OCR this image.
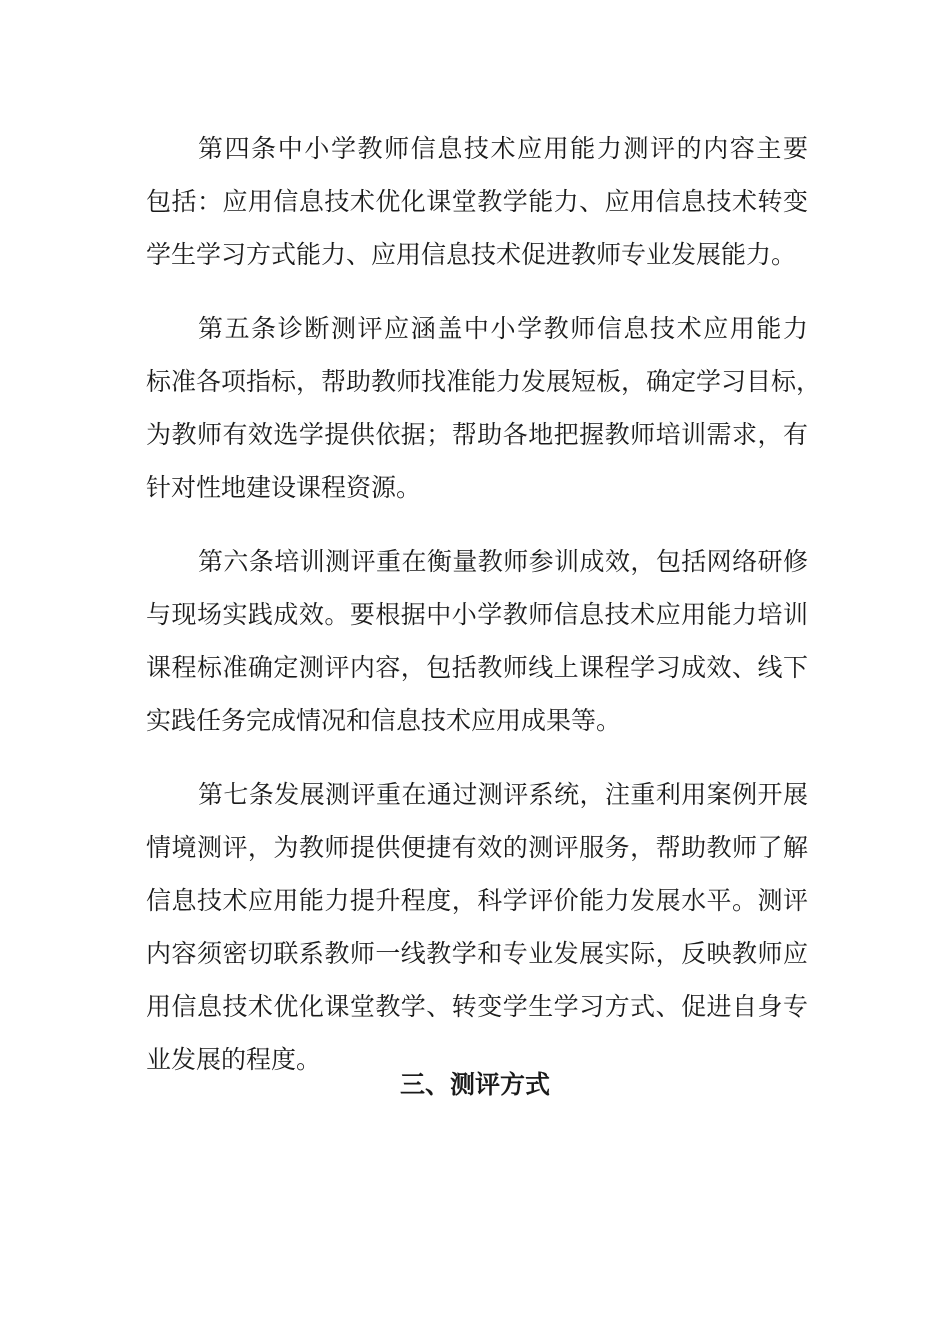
第四条中小学教师信息技术应用能力测评的内容主要
包括：应用信息技术优化课堂教学能力、应用信息技术转变
学生学习方式能力、应用信息技术促进教师专业发展能力。
第五条诊断测评应涵盖中小学教师信息技术应用能力
标准各项指标，帮助教师找准能力发展短板，确定学习目标，
为教师有效选学提供依据；帮助各地把握教师培训需求，有
针对性地建设课程资源。
第六条培训测评重在衡量教师参训成效，包括网络研修
与现场实践成效。要根据中小学教师信息技术应用能力培训
课程标准确定测评内容，包括教师线上课程学习成效、线下
实践任务完成情况和信息技术应用成果等。
第七条发展测评重在通过测评系统，注重利用案例开展
情境测评，为教师提供便捷有效的测评服务，帮助教师了解
信息技术应用能力提升程度，科学评价能力发展水平。测评
内容须密切联系教师一线教学和专业发展实际，反映教师应
用信息技术优化课堂教学、转变学生学习方式、促进自身专
业发展的程度。
三、测评方式
